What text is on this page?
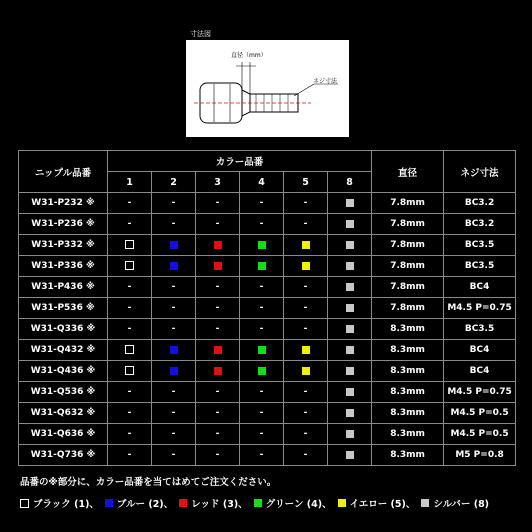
寸法図
直径（mm）
ネジ寸法
ニップル品番	カラー品番						直径	ネジ寸法
	1	2	3	4	5	8		
W31-P232 ※	-	-	-	-	-		7.8mm	BC3.2
W31-P236 ※	-	-	-	-	-		7.8mm	BC3.2
W31-P332 ※							7.8mm	BC3.5
W31-P336 ※							7.8mm	BC3.5
W31-P436 ※	-	-	-	-	-		7.8mm	BC4
W31-P536 ※	-	-	-	-	-		7.8mm	M4.5 P=0.75
W31-Q336 ※	-	-	-	-	-		8.3mm	BC3.5
W31-Q432 ※							8.3mm	BC4
W31-Q436 ※							8.3mm	BC4
W31-Q536 ※	-	-	-	-	-		8.3mm	M4.5 P=0.75
W31-Q632 ※	-	-	-	-	-		8.3mm	M4.5 P=0.5
W31-Q636 ※	-	-	-	-	-		8.3mm	M4.5 P=0.5
W31-Q736 ※	-	-	-	-	-		8.3mm	M5 P=0.8
品番の※部分に、カラー品番を当てはめてご注文ください。
ブラック (1)、 ブルー (2)、 レッド (3)、 グリーン (4)、 イエロー (5)、 シルバー (8)
